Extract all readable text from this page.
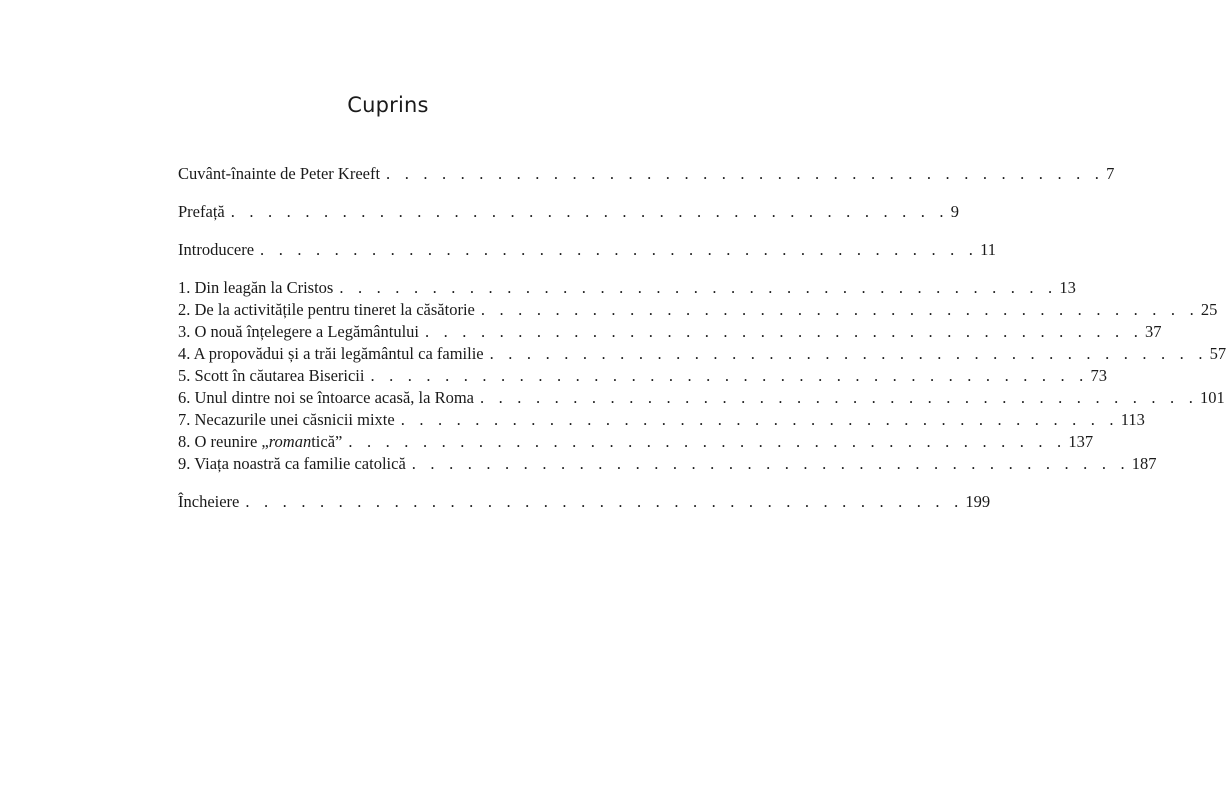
Cuprins
Cuvânt-înainte de Peter Kreeft . . . . . . . . . . . . . . . . . . . . . . . . . . . . . . . . . . . . . . . 7
Prefață . . . . . . . . . . . . . . . . . . . . . . . . . . . . . . . . . . . . . . . 9
Introducere . . . . . . . . . . . . . . . . . . . . . . . . . . . . . . . . . . . . . . . 11
1. Din leagăn la Cristos . . . . . . . . . . . . . . . . . . . . . . . . . . . . . . . . . . . . . . . 13
2. De la activitățile pentru tineret la căsătorie . . . . . . . . . . . . . . . . . . . . . . . . . . . . . . . . . . . . . . . 25
3. O nouă înțelegere a Legământului . . . . . . . . . . . . . . . . . . . . . . . . . . . . . . . . . . . . . . . 37
4. A propovădui și a trăi legământul ca familie . . . . . . . . . . . . . . . . . . . . . . . . . . . . . . . . . . . . . . . 57
5. Scott în căutarea Bisericii . . . . . . . . . . . . . . . . . . . . . . . . . . . . . . . . . . . . . . . 73
6. Unul dintre noi se întoarce acasă, la Roma . . . . . . . . . . . . . . . . . . . . . . . . . . . . . . . . . . . . . . . 101
7. Necazurile unei căsnicii mixte . . . . . . . . . . . . . . . . . . . . . . . . . . . . . . . . . . . . . . . 113
8. O reunire „romantică” . . . . . . . . . . . . . . . . . . . . . . . . . . . . . . . . . . . . . . . 137
9. Viața noastră ca familie catolică . . . . . . . . . . . . . . . . . . . . . . . . . . . . . . . . . . . . . . . 187
Încheiere . . . . . . . . . . . . . . . . . . . . . . . . . . . . . . . . . . . . . . . 199
